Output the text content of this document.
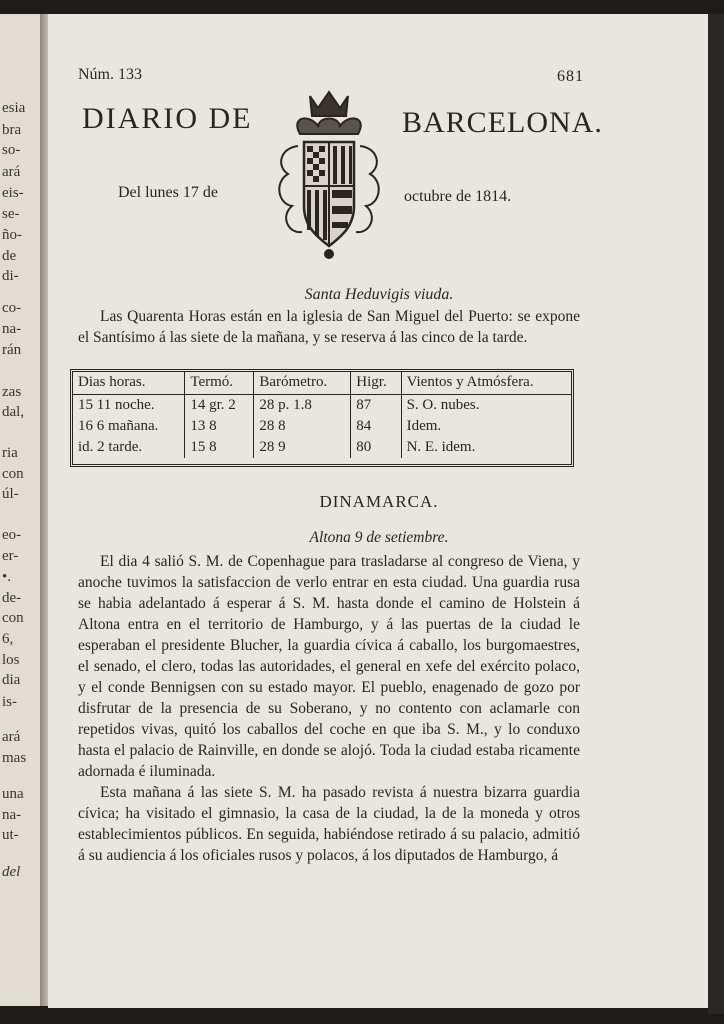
esia
bra
so-
ará
eis-
se-
ño-
de
di-
co-
na-
rán
zas
dal,
ria
con
úl-
eo-
er-
•.
de-
con
6,
los
dia
is-
ará
mas
una
na-
ut-
del
Núm. 133	681
DIARIO DE	BARCELONA.
Del lunes 17 de	octubre de 1814.
Santa Heduvigis viuda.

Las Quarenta Horas están en la iglesia de San Miguel del Puerto: se expone el Santísimo á las siete de la mañana, y se reserva á las cinco de la tarde.

Dias horas.	Termó.	Barómetro.	Higr.	Vientos y Atmósfera.
15 11 noche.	14 gr. 2	28 p. 1.8	87	S. O. nubes.
16 6 mañana.	13 8	28 8	84	Idem.
id. 2 tarde.	15 8	28 9	80	N. E. idem.
DINAMARCA.
Altona 9 de setiembre.

El dia 4 salió S. M. de Copenhague para trasladarse al congreso de Viena, y anoche tuvimos la satisfaccion de verlo entrar en esta ciudad. Una guardia rusa se habia adelantado á esperar á S. M. hasta donde el camino de Holstein á Altona entra en el territorio de Hamburgo, y á las puertas de la ciudad le esperaban el presidente Blucher, la guardia cívica á caballo, los burgomaestres, el senado, el clero, todas las autoridades, el general en xefe del exército polaco, y el conde Bennigsen con su estado mayor. El pueblo, enagenado de gozo por disfrutar de la presencia de su Soberano, y no contento con aclamarle con repetidos vivas, quitó los caballos del coche en que iba S. M., y lo conduxo hasta el palacio de Rainville, en donde se alojó. Toda la ciudad estaba ricamente adornada é iluminada.

Esta mañana á las siete S. M. ha pasado revista á nuestra bizarra guardia cívica; ha visitado el gimnasio, la casa de la ciudad, la de la moneda y otros establecimientos públicos. En seguida, habiéndose retirado á su palacio, admitió á su audiencia á los oficiales rusos y polacos, á los diputados de Hamburgo, á
